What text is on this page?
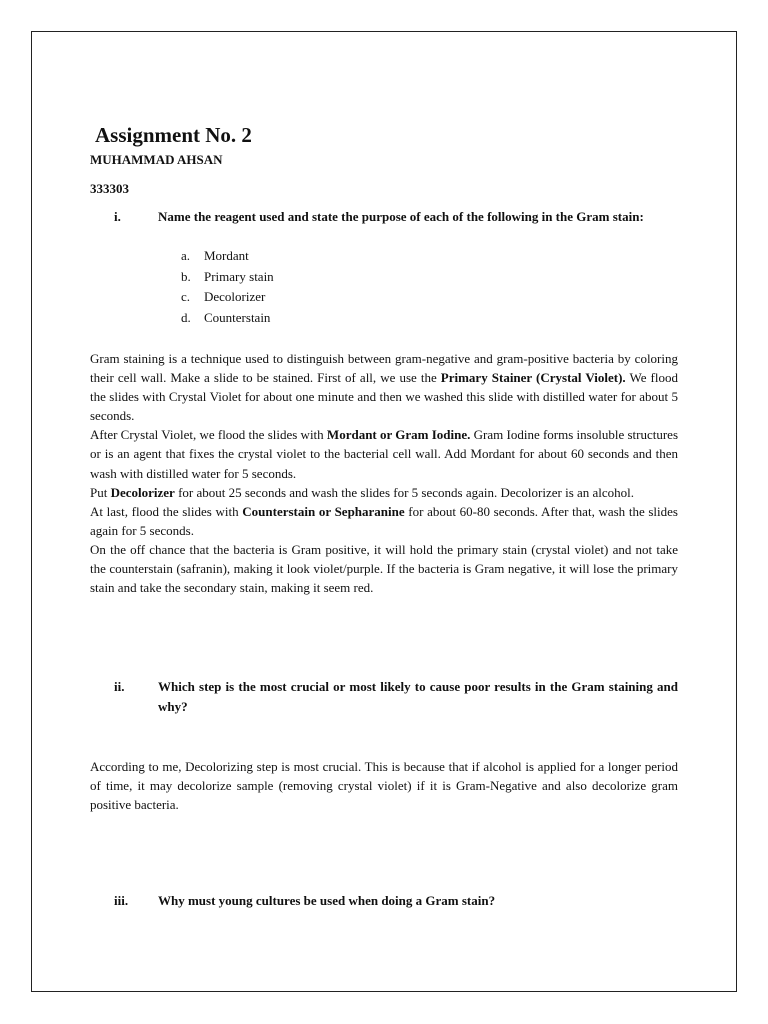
Assignment No. 2
MUHAMMAD AHSAN
333303
i.	Name the reagent used and state the purpose of each of the following in the Gram stain:
a. Mordant
b. Primary stain
c. Decolorizer
d. Counterstain

Gram staining is a technique used to distinguish between gram-negative and gram-positive bacteria by coloring their cell wall. Make a slide to be stained. First of all, we use the Primary Stainer (Crystal Violet). We flood the slides with Crystal Violet for about one minute and then we washed this slide with distilled water for about 5 seconds.

After Crystal Violet, we flood the slides with Mordant or Gram Iodine. Gram Iodine forms insoluble structures or is an agent that fixes the crystal violet to the bacterial cell wall. Add Mordant for about 60 seconds and then wash with distilled water for 5 seconds.

Put Decolorizer for about 25 seconds and wash the slides for 5 seconds again. Decolorizer is an alcohol.

At last, flood the slides with Counterstain or Sepharanine for about 60-80 seconds. After that, wash the slides again for 5 seconds.

On the off chance that the bacteria is Gram positive, it will hold the primary stain (crystal violet) and not take the counterstain (safranin), making it look violet/purple. If the bacteria is Gram negative, it will lose the primary stain and take the secondary stain, making it seem red.

ii.	Which step is the most crucial or most likely to cause poor results in the Gram staining and why?

According to me, Decolorizing step is most crucial. This is because that if alcohol is applied for a longer period of time, it may decolorize sample (removing crystal violet) if it is Gram-Negative and also decolorize gram positive bacteria.

iii. Why must young cultures be used when doing a Gram stain?
